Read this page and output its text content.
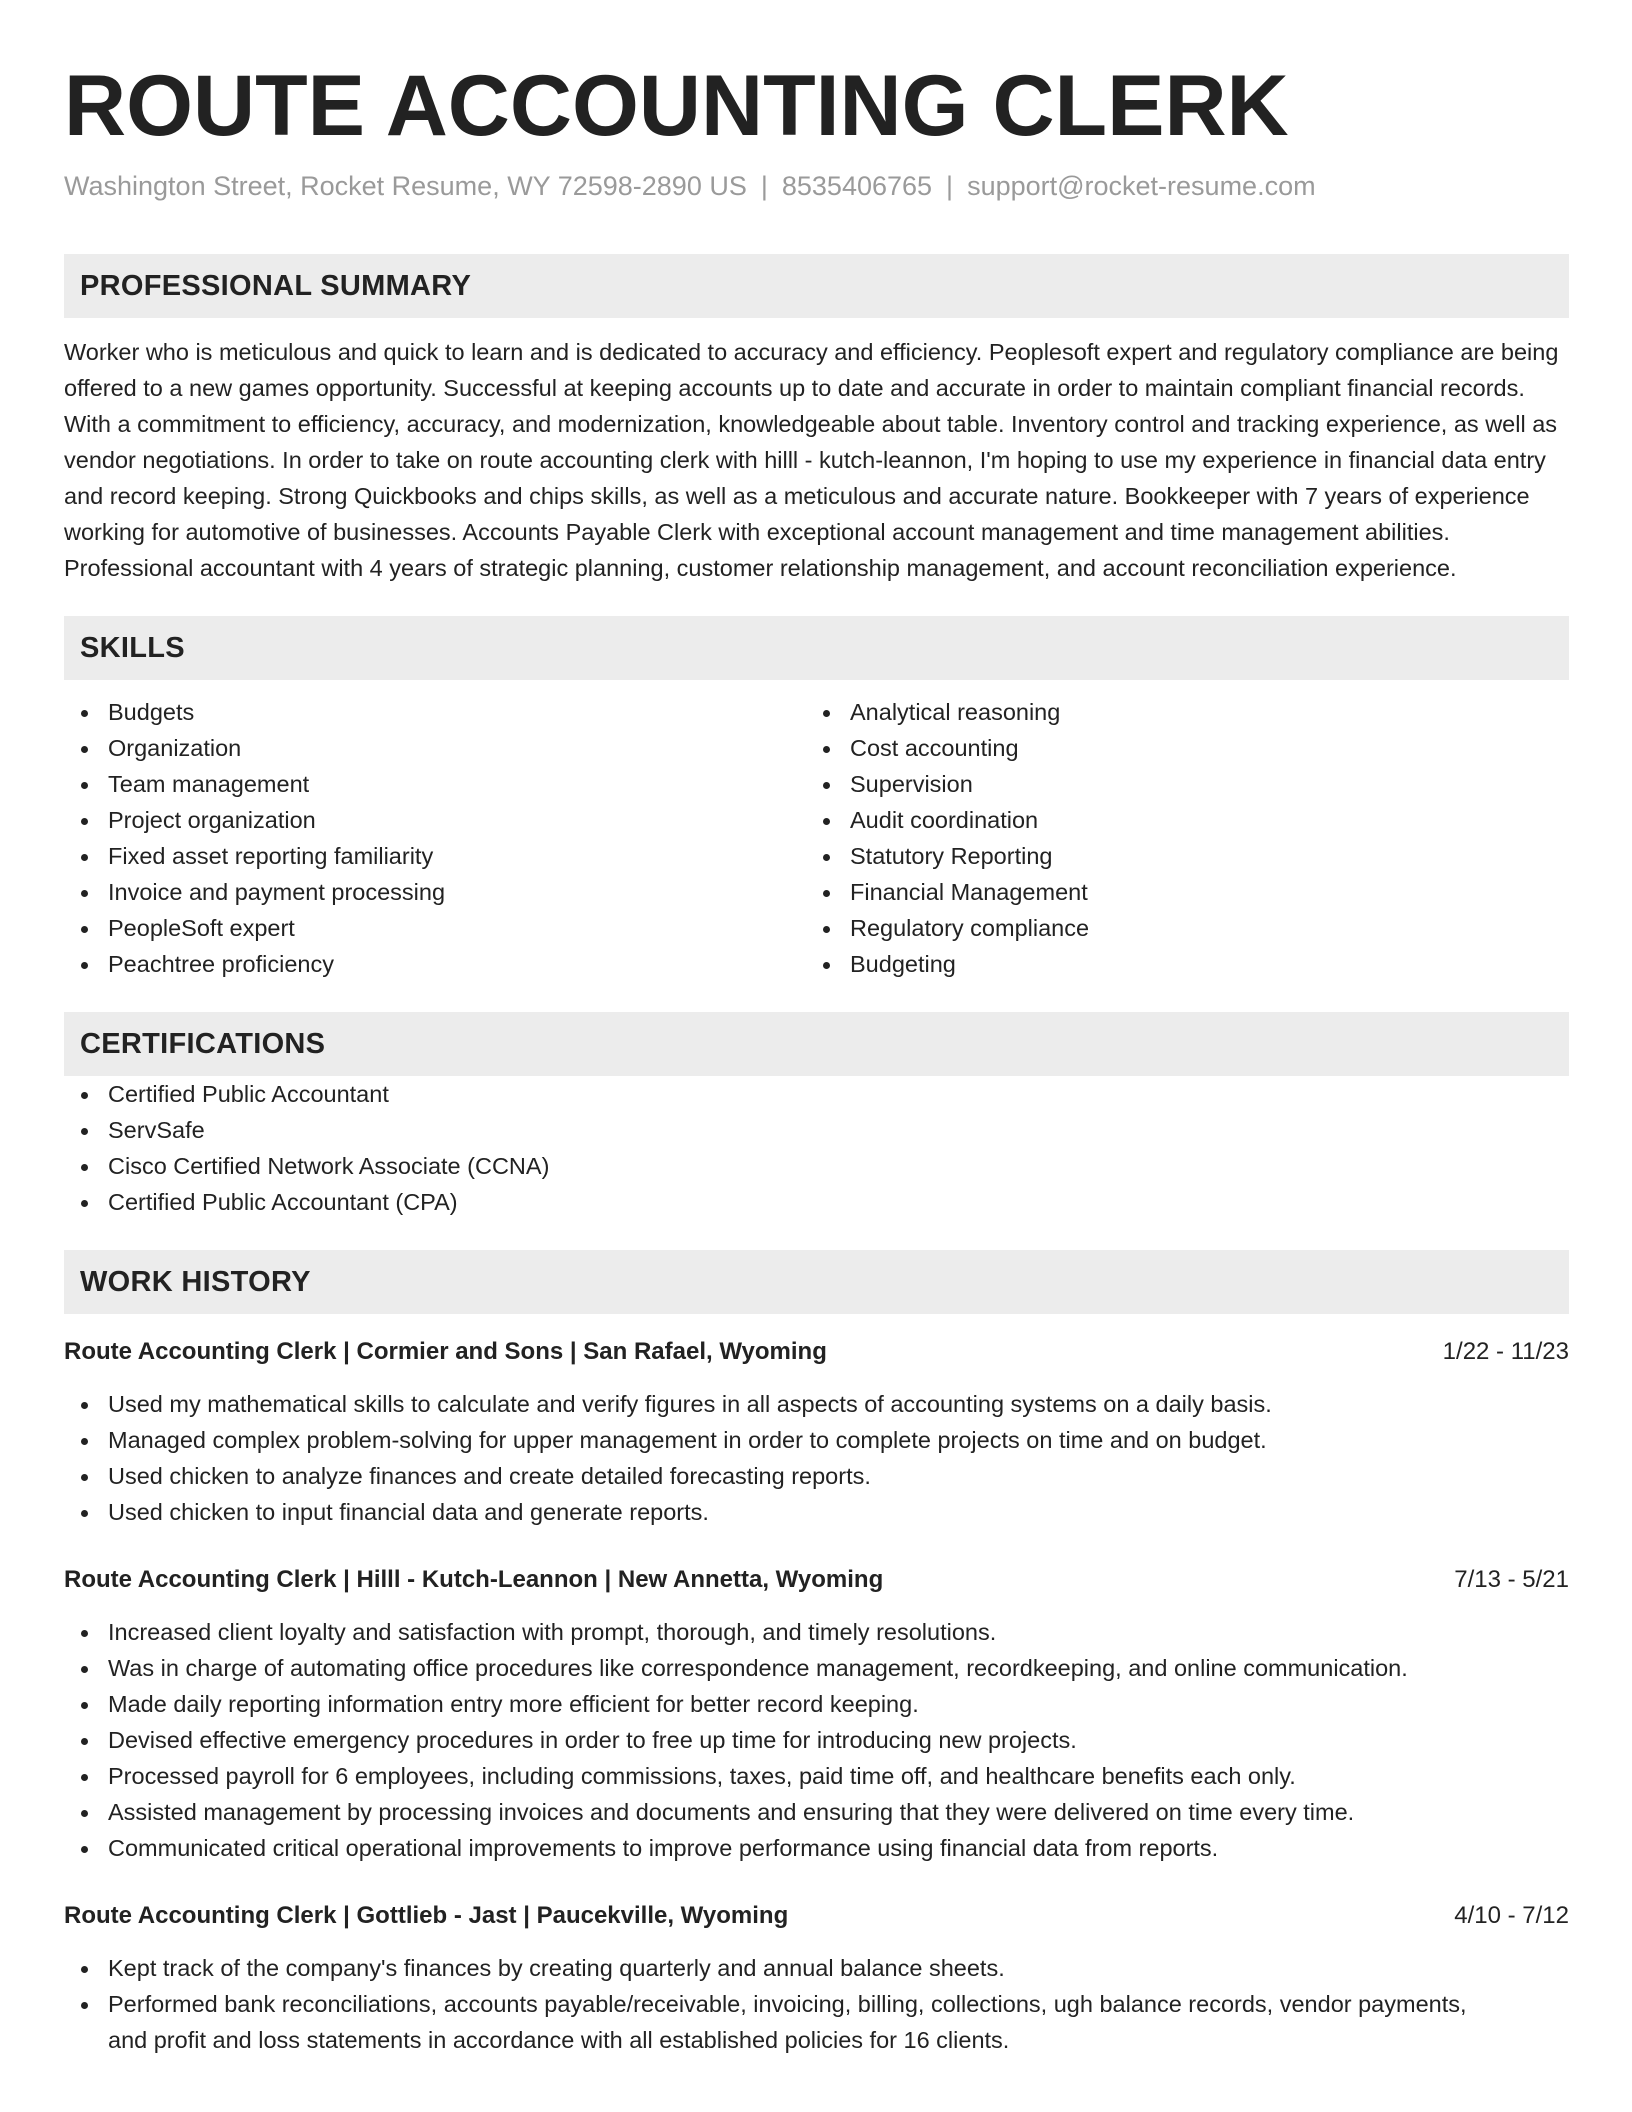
ROUTE ACCOUNTING CLERK
Washington Street, Rocket Resume, WY 72598-2890 US | 8535406765 | support@rocket-resume.com
PROFESSIONAL SUMMARY

Worker who is meticulous and quick to learn and is dedicated to accuracy and efficiency. Peoplesoft expert and regulatory compliance are being offered to a new games opportunity. Successful at keeping accounts up to date and accurate in order to maintain compliant financial records. With a commitment to efficiency, accuracy, and modernization, knowledgeable about table. Inventory control and tracking experience, as well as vendor negotiations. In order to take on route accounting clerk with hilll - kutch-leannon, I'm hoping to use my experience in financial data entry and record keeping. Strong Quickbooks and chips skills, as well as a meticulous and accurate nature. Bookkeeper with 7 years of experience working for automotive of businesses. Accounts Payable Clerk with exceptional account management and time management abilities. Professional accountant with 4 years of strategic planning, customer relationship management, and account reconciliation experience.

SKILLS
Budgets
Organization
Team management
Project organization
Fixed asset reporting familiarity
Invoice and payment processing
PeopleSoft expert
Peachtree proficiency
Analytical reasoning
Cost accounting
Supervision
Audit coordination
Statutory Reporting
Financial Management
Regulatory compliance
Budgeting
CERTIFICATIONS
Certified Public Accountant
ServSafe
Cisco Certified Network Associate (CCNA)
Certified Public Accountant (CPA)
WORK HISTORY
Route Accounting Clerk | Cormier and Sons | San Rafael, Wyoming	1/22 - 11/23
Used my mathematical skills to calculate and verify figures in all aspects of accounting systems on a daily basis.
Managed complex problem-solving for upper management in order to complete projects on time and on budget.
Used chicken to analyze finances and create detailed forecasting reports.
Used chicken to input financial data and generate reports.
Route Accounting Clerk | Hilll - Kutch-Leannon | New Annetta, Wyoming	7/13 - 5/21
Increased client loyalty and satisfaction with prompt, thorough, and timely resolutions.
Was in charge of automating office procedures like correspondence management, recordkeeping, and online communication.
Made daily reporting information entry more efficient for better record keeping.
Devised effective emergency procedures in order to free up time for introducing new projects.
Processed payroll for 6 employees, including commissions, taxes, paid time off, and healthcare benefits each only.
Assisted management by processing invoices and documents and ensuring that they were delivered on time every time.
Communicated critical operational improvements to improve performance using financial data from reports.
Route Accounting Clerk | Gottlieb - Jast | Paucekville, Wyoming	4/10 - 7/12
Kept track of the company's finances by creating quarterly and annual balance sheets.
Performed bank reconciliations, accounts payable/receivable, invoicing, billing, collections, ugh balance records, vendor payments,
and profit and loss statements in accordance with all established policies for 16 clients.
